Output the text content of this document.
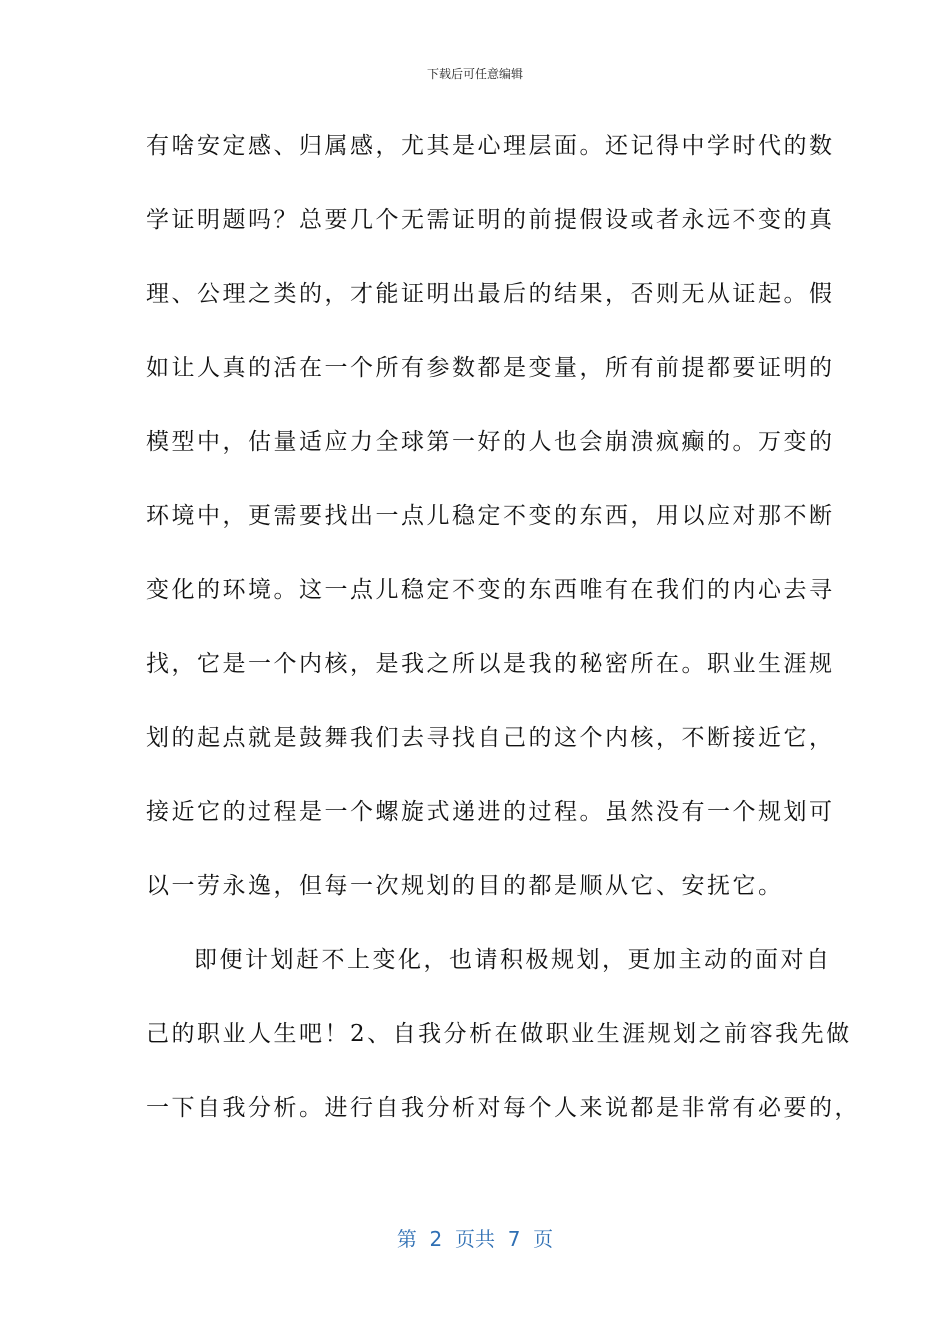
下载后可任意编辑
有啥安定感、归属感，尤其是心理层面。还记得中学时代的数
学证明题吗？总要几个无需证明的前提假设或者永远不变的真
理、公理之类的，才能证明出最后的结果，否则无从证起。假
如让人真的活在一个所有参数都是变量，所有前提都要证明的
模型中，估量适应力全球第一好的人也会崩溃疯癫的。万变的
环境中，更需要找出一点儿稳定不变的东西，用以应对那不断
变化的环境。这一点儿稳定不变的东西唯有在我们的内心去寻
找，它是一个内核，是我之所以是我的秘密所在。职业生涯规
划的起点就是鼓舞我们去寻找自己的这个内核，不断接近它，
接近它的过程是一个螺旋式递进的过程。虽然没有一个规划可
以一劳永逸，但每一次规划的目的都是顺从它、安抚它。
即便计划赶不上变化，也请积极规划，更加主动的面对自
己的职业人生吧！2、自我分析在做职业生涯规划之前容我先做
一下自我分析。进行自我分析对每个人来说都是非常有必要的，
第  2  页共  7  页
